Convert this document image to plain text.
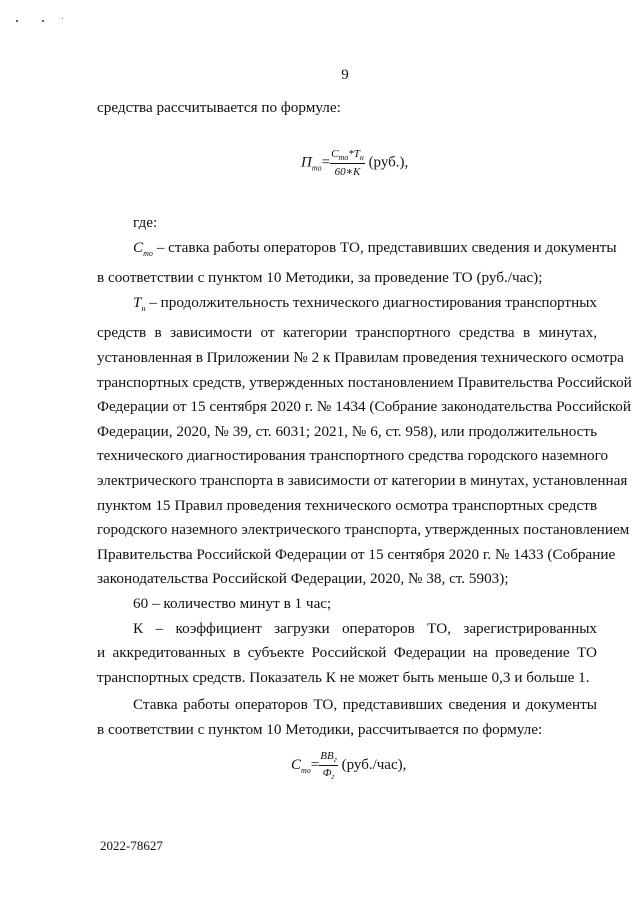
9
средства рассчитывается по формуле:
$П_{то}= \frac{С_{то}*Т_н}{60∗К} (руб.)$,
где:
$С_{то}$ – ставка работы операторов ТО, представивших сведения и документы
в соответствии с пунктом 10 Методики, за проведение ТО (руб./час);
$Т_н$ – продолжительность технического диагностирования транспортных
средств в зависимости от категории транспортного средства в минутах,
установленная в Приложении № 2 к Правилам проведения технического осмотра
транспортных средств, утвержденных постановлением Правительства Российской
Федерации от 15 сентября 2020 г. № 1434 (Собрание законодательства Российской
Федерации, 2020, № 39, ст. 6031; 2021, № 6, ст. 958), или продолжительность
технического диагностирования транспортного средства городского наземного
электрического транспорта в зависимости от категории в минутах, установленная
пунктом 15 Правил проведения технического осмотра транспортных средств
городского наземного электрического транспорта, утвержденных постановлением
Правительства Российской Федерации от 15 сентября 2020 г. № 1433 (Собрание
законодательства Российской Федерации, 2020, № 38, ст. 5903);
60 – количество минут в 1 час;
К – коэффициент загрузки операторов ТО, зарегистрированных
и аккредитованных в субъекте Российской Федерации на проведение ТО
транспортных средств. Показатель К не может быть меньше 0,3 и больше 1.
Ставка работы операторов ТО, представивших сведения и документы
в соответствии с пунктом 10 Методики, рассчитывается по формуле:
$С_{то}= \frac{ВВ_г}{Ф_г} (руб./час)$,
2022-78627
